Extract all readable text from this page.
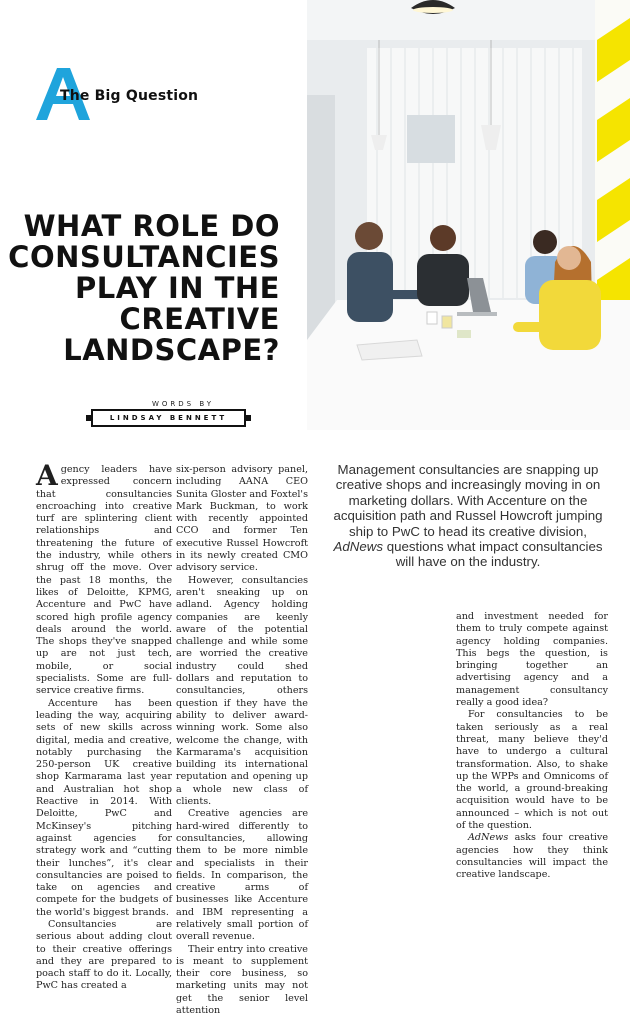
The Big Question
WHAT ROLE DO CONSULTANCIES PLAY IN THE CREATIVE LANDSCAPE?
WORDS BY
LINDSAY BENNETT

Management consultancies are snapping up creative shops and increasingly moving in on marketing dollars. With Accenture on the acquisition path and Russel Howcroft jumping ship to PwC to head its creative division, AdNews questions what impact consultancies will have on the industry.

Agency leaders have expressed concern that consultancies encroaching into creative turf are splintering client relationships and threatening the future of the industry, while others shrug off the move. Over the past 18 months, the likes of Deloitte, KPMG, Accenture and PwC have scored high profile agency deals around the world. The shops they've snapped up are not just tech, mobile, or social specialists. Some are full-service creative firms.

Accenture has been leading the way, acquiring sets of new skills across digital, media and creative, notably purchasing the 250-person UK creative shop Karmarama last year and Australian hot shop Reactive in 2014. With Deloitte, PwC and McKinsey's pitching against agencies for strategy work and “cutting their lunches”, it's clear consultancies are poised to take on agencies and compete for the budgets of the world's biggest brands.

Consultancies are serious about adding clout to their creative offerings and they are prepared to poach staff to do it. Locally, PwC has created a

six-person advisory panel, including AANA CEO Sunita Gloster and Foxtel's Mark Buckman, to work with recently appointed CCO and former Ten executive Russel Howcroft in its newly created CMO advisory service.

However, consultancies aren't sneaking up on adland. Agency holding companies are keenly aware of the potential challenge and while some are worried the creative industry could shed dollars and reputation to consultancies, others question if they have the ability to deliver award-winning work. Some also welcome the change, with Karmarama's acquisition building its international reputation and opening up a whole new class of clients.

Creative agencies are hard-wired differently to consultancies, allowing them to be more nimble and specialists in their fields. In comparison, the creative arms of businesses like Accenture and IBM representing a relatively small portion of overall revenue.

Their entry into creative is meant to supplement their core business, so marketing units may not get the senior level attention

and investment needed for them to truly compete against agency holding companies. This begs the question, is bringing together an advertising agency and a management consultancy really a good idea?

For consultancies to be taken seriously as a real threat, many believe they'd have to undergo a cultural transformation. Also, to shake up the WPPs and Omnicoms of the world, a ground-breaking acquisition would have to be announced – which is not out of the question.

AdNews asks four creative agencies how they think consultancies will impact the creative landscape.
